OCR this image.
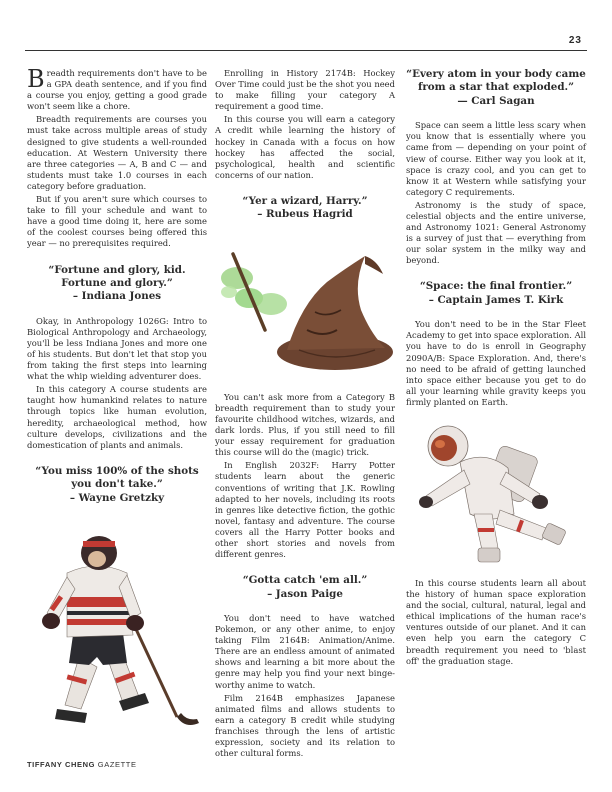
23

Breadth requirements don't have to be a GPA death sentence, and if you find a course you enjoy, getting a good grade won't seem like a chore.

Breadth requirements are courses you must take across multiple areas of study designed to give students a well-rounded education. At Western University there are three categories — A, B and C — and students must take 1.0 courses in each category before graduation.

But if you aren't sure which courses to take to fill your schedule and want to have a good time doing it, here are some of the coolest courses being offered this year — no prerequisites required.

“Fortune and glory, kid. Fortune and glory.”
– Indiana Jones

Okay, in Anthropology 1026G: Intro to Biological Anthropology and Archaeology, you'll be less Indiana Jones and more one of his students. But don't let that stop you from taking the first steps into learning what the whip wielding adventurer does.

In this category A course students are taught how humankind relates to nature through topics like human evolution, heredity, archaeological method, how culture develops, civilizations and the domestication of plants and animals.

“You miss 100% of the shots you don't take.”
– Wayne Gretzky

Enrolling in History 2174B: Hockey Over Time could just be the shot you need to make filling your category A requirement a good time.

In this course you will earn a category A credit while learning the history of hockey in Canada with a focus on how hockey has affected the social, psychological, health and scientific concerns of our nation.

“Yer a wizard, Harry.”
– Rubeus Hagrid

You can't ask more from a Category B breadth requirement than to study your favourite childhood witches, wizards, and dark lords. Plus, if you still need to fill your essay requirement for graduation this course will do the (magic) trick.

In English 2032F: Harry Potter students learn about the generic conventions of writing that J.K. Rowling adapted to her novels, including its roots in genres like detective fiction, the gothic novel, fantasy and adventure. The course covers all the Harry Potter books and other short stories and novels from different genres.

“Gotta catch 'em all.”
– Jason Paige

You don't need to have watched Pokemon, or any other anime, to enjoy taking Film 2164B: Animation/Anime. There are an endless amount of animated shows and learning a bit more about the genre may help you find your next binge-worthy anime to watch.

Film 2164B emphasizes Japanese animated films and allows students to earn a category B credit while studying franchises through the lens of artistic expression, society and its relation to other cultural forms.

“Every atom in your body came from a star that exploded.”
— Carl Sagan

Space can seem a little less scary when you know that is essentially where you came from — depending on your point of view of course. Either way you look at it, space is crazy cool, and you can get to know it at Western while satisfying your category C requirements.

Astronomy is the study of space, celestial objects and the entire universe, and Astronomy 1021: General Astronomy is a survey of just that — everything from our solar system in the milky way and beyond.

“Space: the final frontier.”
– Captain James T. Kirk

You don't need to be in the Star Fleet Academy to get into space exploration. All you have to do is enroll in Geography 2090A/B: Space Exploration. And, there's no need to be afraid of getting launched into space either because you get to do all your learning while gravity keeps you firmly planted on Earth.

In this course students learn all about the history of human space exploration and the social, cultural, natural, legal and ethical implications of the human race's ventures outside of our planet. And it can even help you earn the category C breadth requirement you need to 'blast off' the graduation stage.

TIFFANY CHENG GAZETTE
